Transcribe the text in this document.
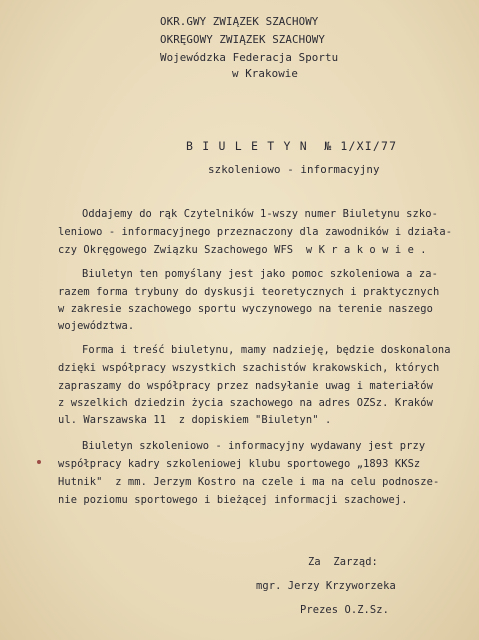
OKR.GWY ZWIĄZEK SZACHOWY
OKRĘGOWY ZWIĄZEK SZACHOWY
Wojewódzka Federacja Sportu
w Krakowie
B I U L E T Y N  № 1/XI/77
szkoleniowo - informacyjny
Oddajemy do rąk Czytelników 1-wszy numer Biuletynu szko-
leniowo - informacyjnego przeznaczony dla zawodników i działa-
czy Okręgowego Związku Szachowego WFS  w K r a k o w i e .
Biuletyn ten pomyślany jest jako pomoc szkoleniowa a za-
razem forma trybuny do dyskusji teoretycznych i praktycznych
w zakresie szachowego sportu wyczynowego na terenie naszego
województwa.
Forma i treść biuletynu, mamy nadzieję, będzie doskonalona
dzięki współpracy wszystkich szachistów krakowskich, których
zapraszamy do współpracy przez nadsyłanie uwag i materiałów
z wszelkich dziedzin życia szachowego na adres OZSz. Kraków
ul. Warszawska 11  z dopiskiem "Biuletyn" .
Biuletyn szkoleniowo - informacyjny wydawany jest przy
współpracy kadry szkoleniowej klubu sportowego „1893 KKSz
Hutnik"  z mm. Jerzym Kostro na czele i ma na celu podnosze-
nie poziomu sportowego i bieżącej informacji szachowej.
Za  Zarząd:
mgr. Jerzy Krzyworzeka
Prezes O.Z.Sz.
